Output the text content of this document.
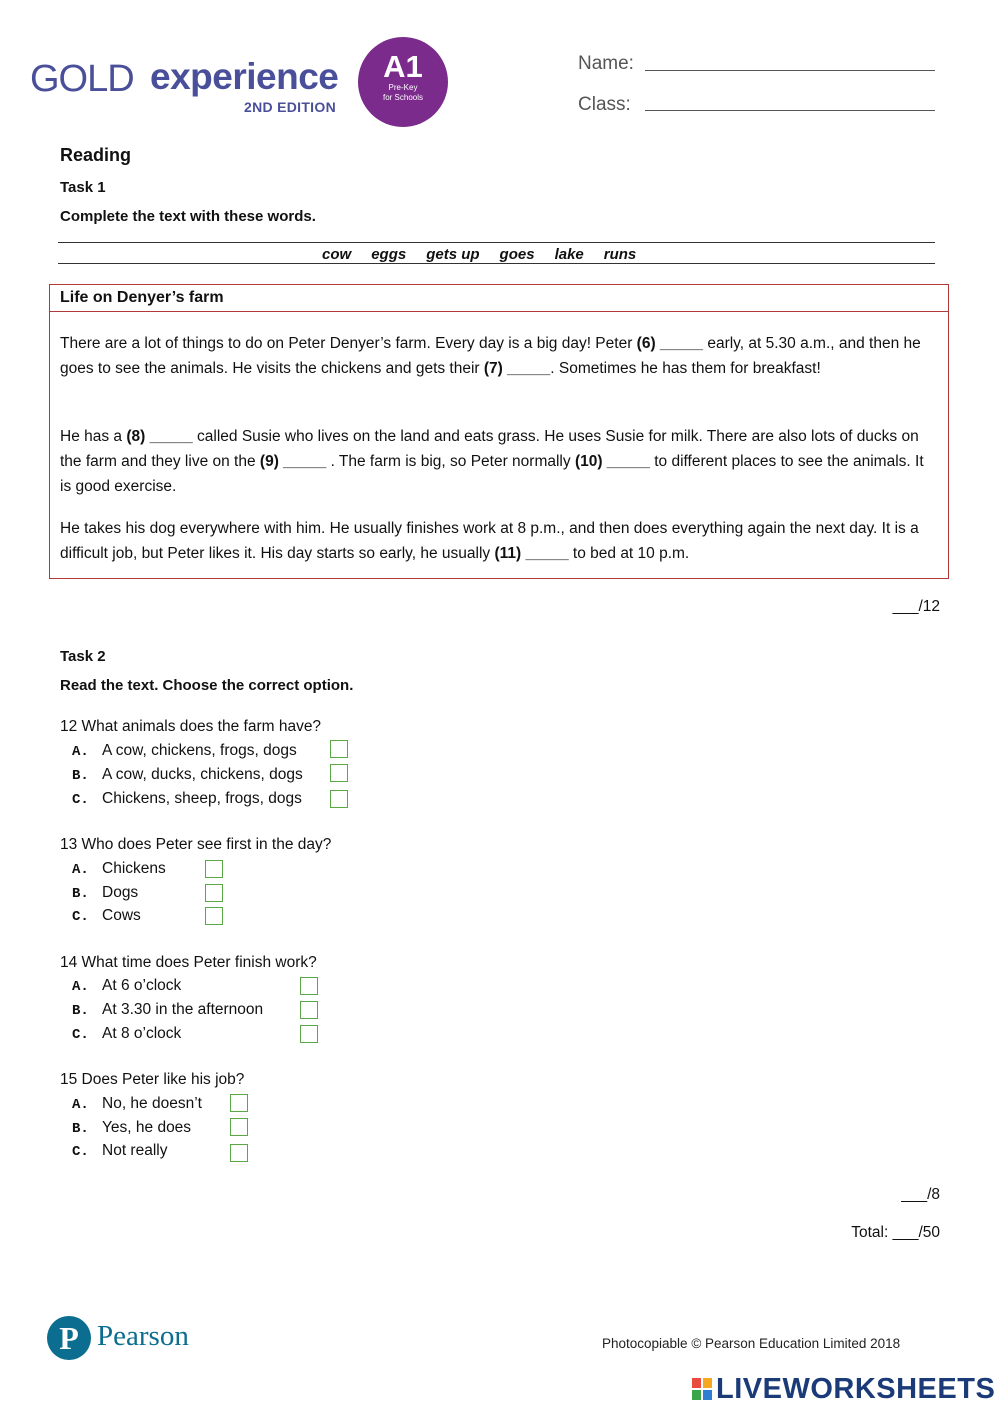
GOLD experience
2ND EDITION
A1
Pre-Key
for Schools
Name:
Class:
Reading
Task 1
Complete the text with these words.
cow eggs gets up goes lake runs
Life on Denyer’s farm

There are a lot of things to do on Peter Denyer’s farm. Every day is a big day! Peter (6) _____ early, at 5.30 a.m., and then he goes to see the animals. He visits the chickens and gets their (7) _____. Sometimes he has them for breakfast!

He has a (8) _____ called Susie who lives on the land and eats grass. He uses Susie for milk. There are also lots of ducks on the farm and they live on the (9) _____ . The farm is big, so Peter normally (10) _____ to different places to see the animals. It is good exercise.

He takes his dog everywhere with him. He usually finishes work at 8 p.m., and then does everything again the next day. It is a difficult job, but Peter likes it. His day starts so early, he usually (11) _____ to bed at 10 p.m.

___/12
Task 2
Read the text. Choose the correct option.
12 What animals does the farm have?
A. A cow, chickens, frogs, dogs
B. A cow, ducks, chickens, dogs
C. Chickens, sheep, frogs, dogs
13 Who does Peter see first in the day?
A. Chickens
B. Dogs
C. Cows
14 What time does Peter finish work?
A. At 6 o’clock
B. At 3.30 in the afternoon
C. At 8 o’clock
15 Does Peter like his job?
A. No, he doesn’t
B. Yes, he does
C. Not really
___/8
Total: ___/50
P Pearson	Photocopiable © Pearson Education Limited 2018
LIVEWORKSHEETS
